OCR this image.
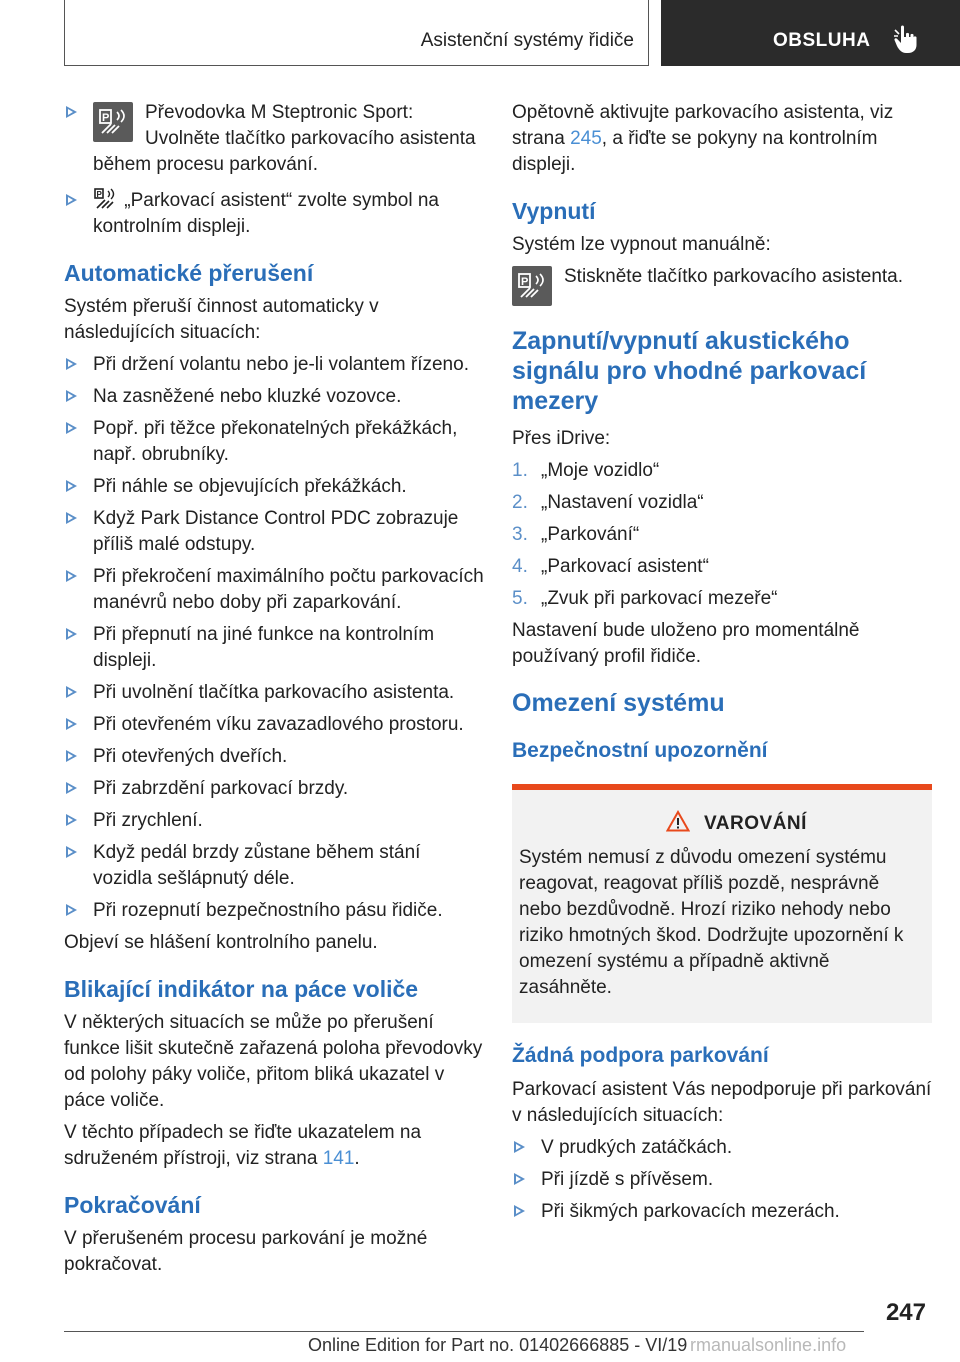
Asistenční systémy řidiče	OBSLUHA
P Převodovka M Steptronic Sport: Uvolněte tlačítko parkovacího asistenta během procesu parkování.
P „Parkovací asistent“ zvolte symbol na kontrolním displeji.
Automatické přerušení

Systém přeruší činnost automaticky v následujících situacích:

Při držení volantu nebo je-li volantem řízeno.
Na zasněžené nebo kluzké vozovce.
Popř. při těžce překonatelných překážkách, např. obrubníky.
Při náhle se objevujících překážkách.
Když Park Distance Control PDC zobrazuje příliš malé odstupy.
Při překročení maximálního počtu parkovacích manévrů nebo doby při zaparkování.
Při přepnutí na jiné funkce na kontrolním displeji.
Při uvolnění tlačítka parkovacího asistenta.
Při otevřeném víku zavazadlového prostoru.
Při otevřených dveřích.
Při zabrzdění parkovací brzdy.
Při zrychlení.
Když pedál brzdy zůstane během stání vozidla sešlápnutý déle.
Při rozepnutí bezpečnostního pásu řidiče.

Objeví se hlášení kontrolního panelu.

Blikající indikátor na páce voliče

V některých situacích se může po přerušení funkce lišit skutečně zařazená poloha převodovky od polohy páky voliče, přitom bliká ukazatel v páce voliče.

V těchto případech se řiďte ukazatelem na sdruženém přístroji, viz strana 141.

Pokračování

V přerušeném procesu parkování je možné pokračovat.

Opětovně aktivujte parkovacího asistenta, viz strana 245, a řiďte se pokyny na kontrolním displeji.

Vypnutí

Systém lze vypnout manuálně:

P Stiskněte tlačítko parkovacího asistenta.
Zapnutí/vypnutí akustického signálu pro vhodné parkovací mezery

Přes iDrive:

1. „Moje vozidlo“
2. „Nastavení vozidla“
3. „Parkování“
4. „Parkovací asistent“
5. „Zvuk při parkovací mezeře“

Nastavení bude uloženo pro momentálně používaný profil řidiče.

Omezení systému
Bezpečnostní upozornění
VAROVÁNÍ

Systém nemusí z důvodu omezení systému reagovat, reagovat příliš pozdě, nesprávně nebo bezdůvodně. Hrozí riziko nehody nebo riziko hmotných škod. Dodržujte upozornění k omezení systému a případně aktivně zasáhněte.

Žádná podpora parkování

Parkovací asistent Vás nepodporuje při parkování v následujících situacích:

V prudkých zatáčkách.
Při jízdě s přívěsem.
Při šikmých parkovacích mezerách.
247
Online Edition for Part no. 01402666885 - VI/19 rmanualsonline.info
